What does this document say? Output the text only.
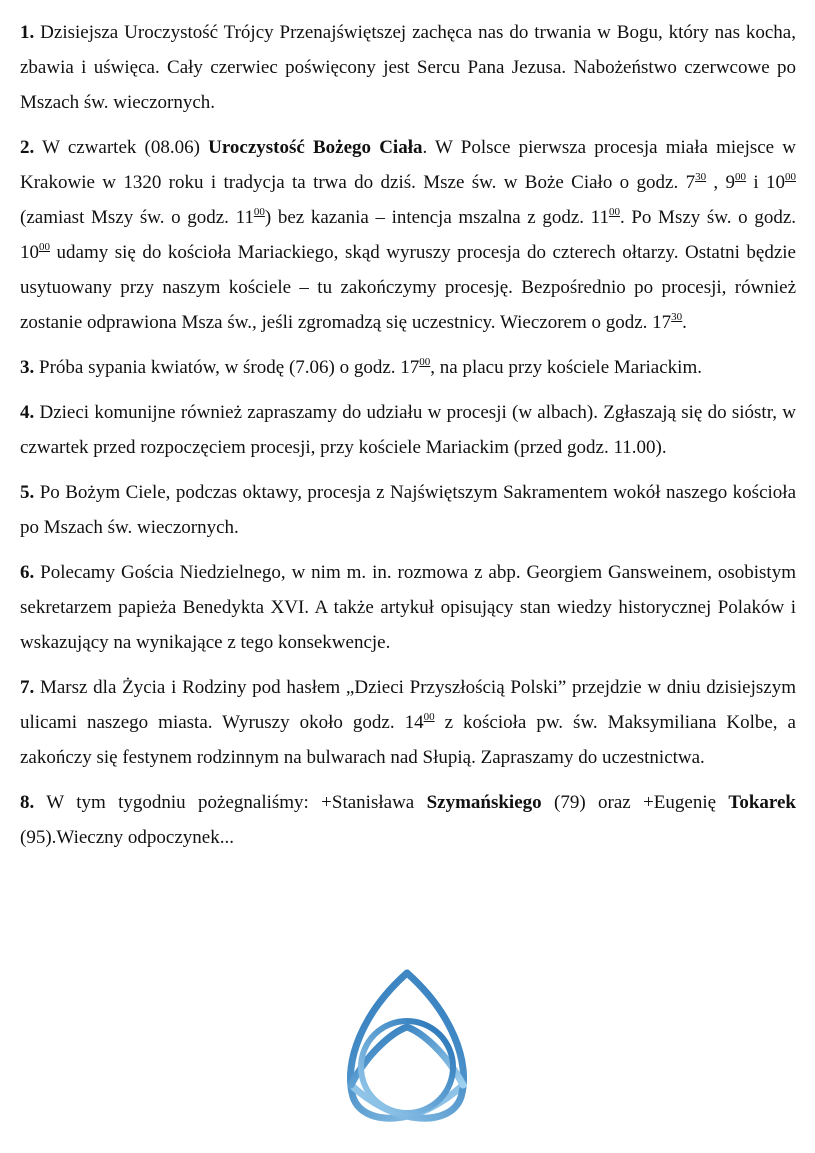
1. Dzisiejsza Uroczystość Trójcy Przenajświętszej zachęca nas do trwania w Bogu, który nas kocha, zbawia i uświęca. Cały czerwiec poświęcony jest Sercu Pana Jezusa. Nabożeństwo czerwcowe po Mszach św. wieczornych.

2. W czwartek (08.06) Uroczystość Bożego Ciała. W Polsce pierwsza procesja miała miejsce w Krakowie w 1320 roku i tradycja ta trwa do dziś. Msze św. w Boże Ciało o godz. $7^{30}$ , $9^{00}$ i $10^{00}$ (zamiast Mszy św. o godz. $11^{00}$) bez kazania – intencja mszalna z godz. $11^{00}$. Po Mszy św. o godz. $10^{00}$ udamy się do kościoła Mariackiego, skąd wyruszy procesja do czterech ołtarzy. Ostatni będzie usytuowany przy naszym kościele – tu zakończymy procesję. Bezpośrednio po procesji, również zostanie odprawiona Msza św., jeśli zgromadzą się uczestnicy. Wieczorem o godz. $17^{30}$.

3. Próba sypania kwiatów, w środę (7.06) o godz. $17^{00}$, na placu przy kościele Mariackim.

4. Dzieci komunijne również zapraszamy do udziału w procesji (w albach). Zgłaszają się do sióstr, w czwartek przed rozpoczęciem procesji, przy kościele Mariackim (przed godz. 11.00).

5. Po Bożym Ciele, podczas oktawy, procesja z Najświętszym Sakramentem wokół naszego kościoła po Mszach św. wieczornych.

6. Polecamy Gościa Niedzielnego, w nim m. in. rozmowa z abp. Georgiem Gansweinem, osobistym sekretarzem papieża Benedykta XVI. A także artykuł opisujący stan wiedzy historycznej Polaków i wskazujący na wynikające z tego konsekwencje.

7. Marsz dla Życia i Rodziny pod hasłem „Dzieci Przyszłością Polski” przejdzie w dniu dzisiejszym ulicami naszego miasta. Wyruszy około godz. $14^{00}$ z kościoła pw. św. Maksymiliana Kolbe, a zakończy się festynem rodzinnym na bulwarach nad Słupią. Zapraszamy do uczestnictwa.

8. W tym tygodniu pożegnaliśmy: +Stanisława Szymańskiego (79) oraz +Eugenię Tokarek (95).Wieczny odpoczynek...
